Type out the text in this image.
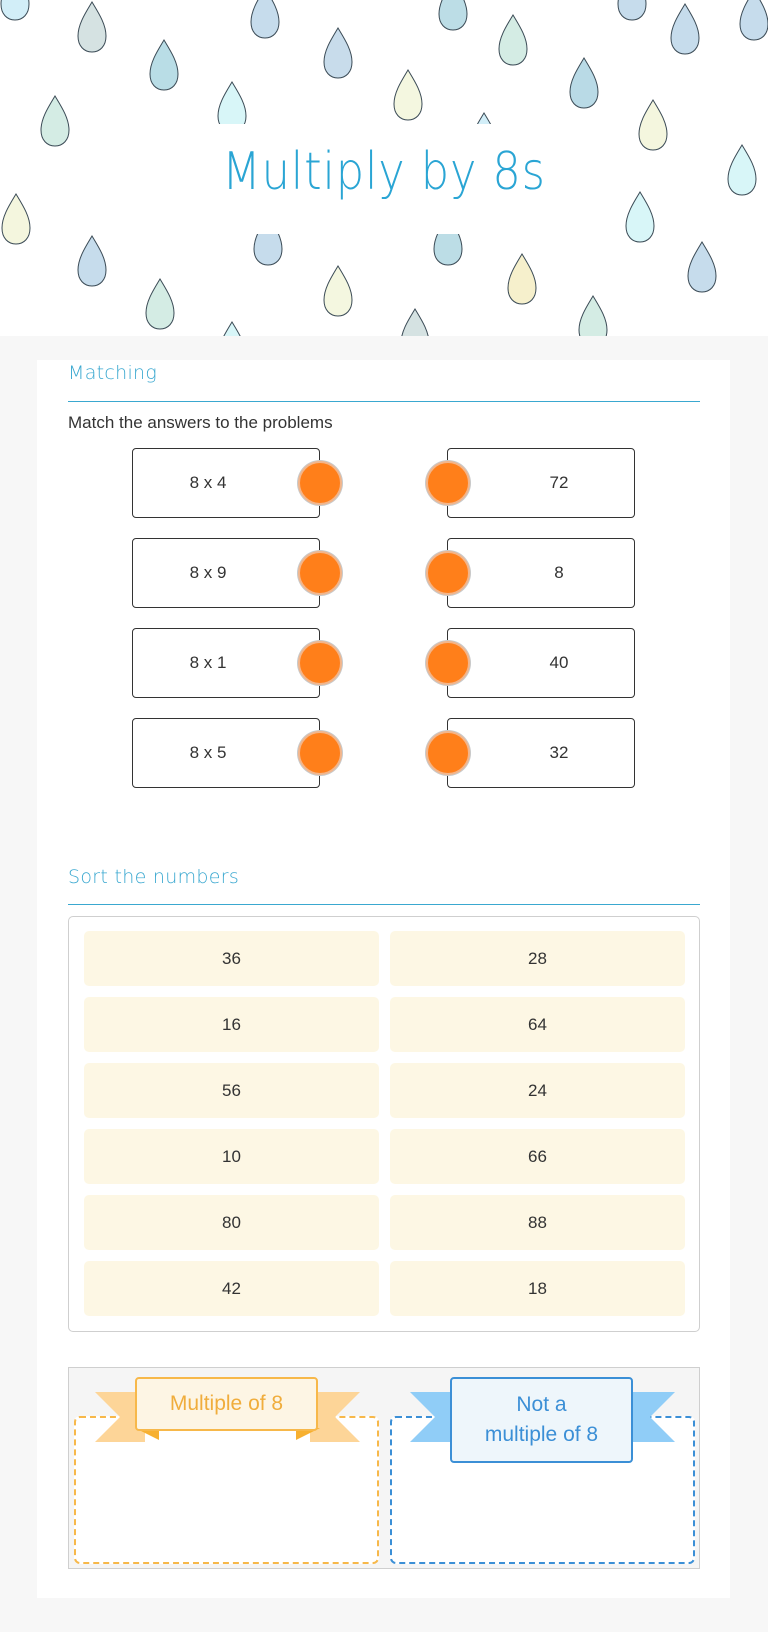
Multiply by 8s
Matching
Match the answers to the problems
8 x 4	72
8 x 9	8
8 x 1	40
8 x 5	32
Sort the numbers
36	28
16	64
56	24
10	66
80	88
42	18
Multiple of 8	Not a
multiple of 8
